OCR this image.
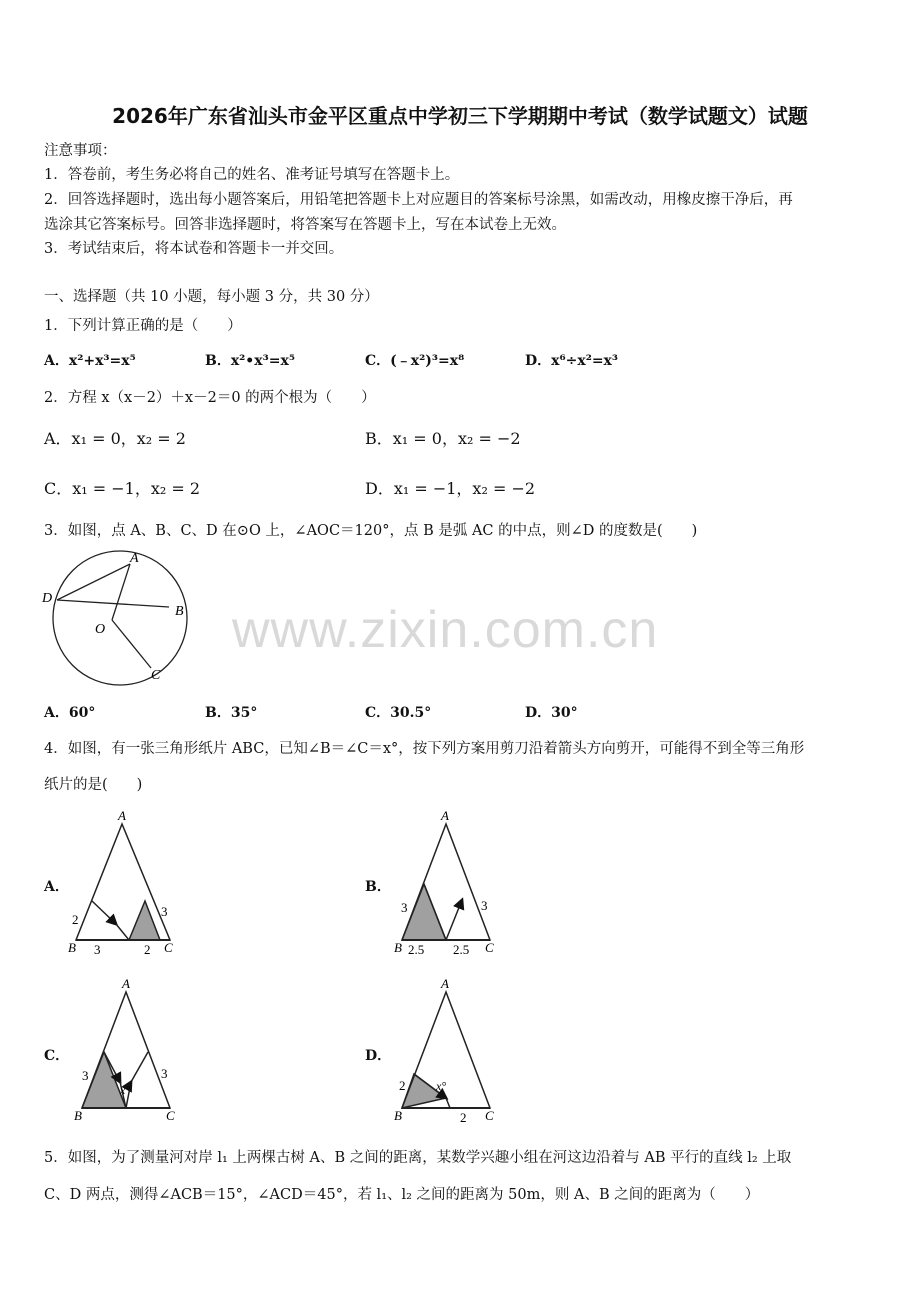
2026年广东省汕头市金平区重点中学初三下学期期中考试（数学试题文）试题
注意事项：
1．答卷前，考生务必将自己的姓名、准考证号填写在答题卡上。
2．回答选择题时，选出每小题答案后，用铅笔把答题卡上对应题目的答案标号涂黑，如需改动，用橡皮擦干净后，再
选涂其它答案标号。回答非选择题时，将答案写在答题卡上，写在本试卷上无效。
3．考试结束后，将本试卷和答题卡一并交回。
一、选择题（共 10 小题，每小题 3 分，共 30 分）
1．下列计算正确的是（　　）
A．x²+x³=x⁵	B．x²•x³=x⁵	C．(﹣x²)³=x⁸	D．x⁶÷x²=x³
2．方程 x（x－2）＋x－2＝0 的两个根为（　　）
A．x₁ = 0，x₂ = 2	B．x₁ = 0，x₂ = −2
C．x₁ = −1，x₂ = 2	D．x₁ = −1，x₂ = −2
3．如图，点 A、B、C、D 在⊙O 上，∠AOC＝120°，点 B 是弧 AC 的中点，则∠D 的度数是(　　)
A
B
C
D
O
A．60°	B．35°	C．30.5°	D．30°
4．如图，有一张三角形纸片 ABC，已知∠B＝∠C＝x°，按下列方案用剪刀沿着箭头方向剪开，可能得不到全等三角形
纸片的是(　　)
A．	B．
C．	D．
A
B	C
2
3	2
3
A
B	C
3
2.5 2.5
3
A
B	C
3	3
x°
A
B	C
2
2
x°
5．如图，为了测量河对岸 l₁ 上两棵古树 A、B 之间的距离，某数学兴趣小组在河这边沿着与 AB 平行的直线 l₂ 上取
C、D 两点，测得∠ACB＝15°，∠ACD＝45°，若 l₁、l₂ 之间的距离为 50m，则 A、B 之间的距离为（　　）
www.zixin.com.cn
